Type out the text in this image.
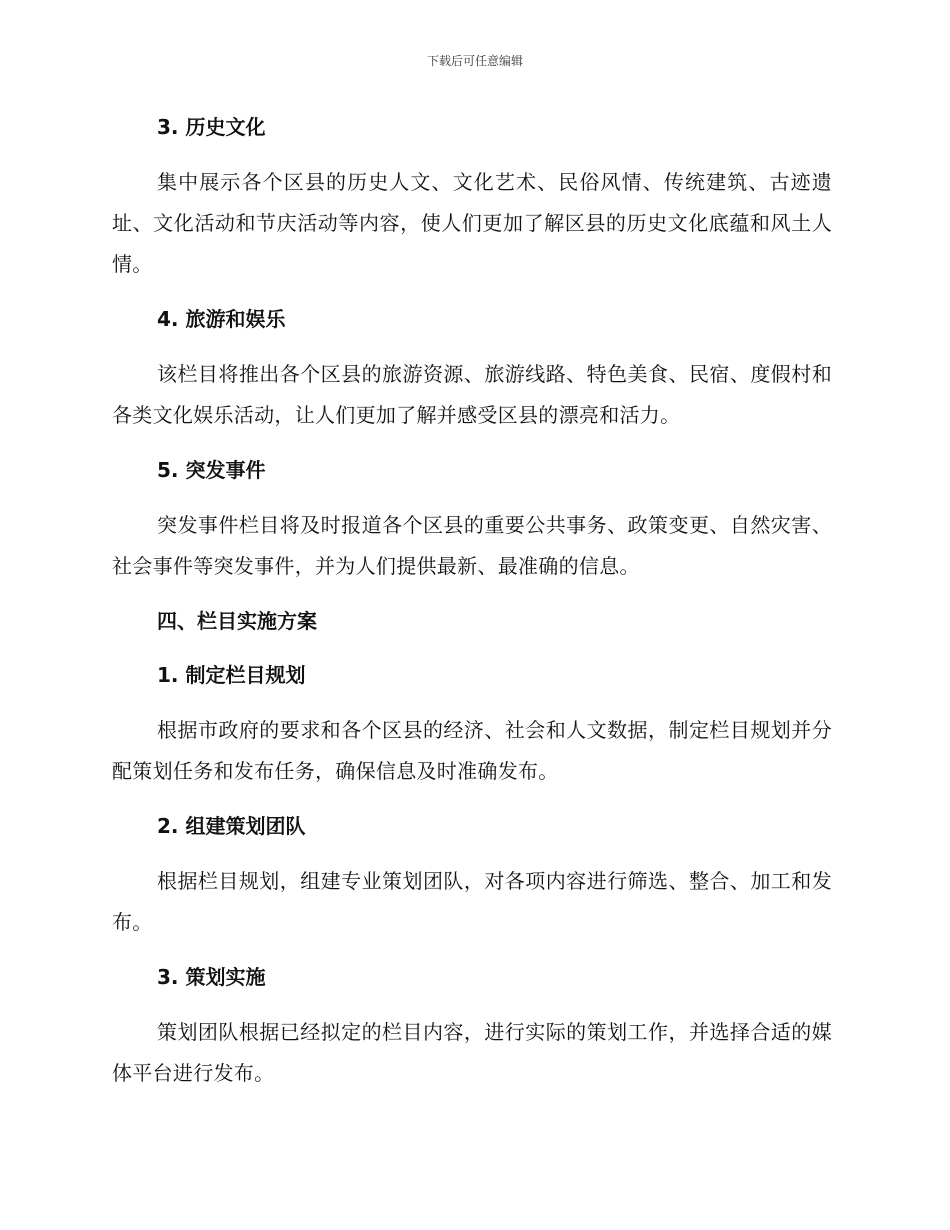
下载后可任意编辑
3. 历史文化
集中展示各个区县的历史人文、文化艺术、民俗风情、传统建筑、古迹遗址、文化活动和节庆活动等内容，使人们更加了解区县的历史文化底蕴和风土人情。
4. 旅游和娱乐
该栏目将推出各个区县的旅游资源、旅游线路、特色美食、民宿、度假村和各类文化娱乐活动，让人们更加了解并感受区县的漂亮和活力。
5. 突发事件
突发事件栏目将及时报道各个区县的重要公共事务、政策变更、自然灾害、社会事件等突发事件，并为人们提供最新、最准确的信息。
四、栏目实施方案
1. 制定栏目规划
根据市政府的要求和各个区县的经济、社会和人文数据，制定栏目规划并分配策划任务和发布任务，确保信息及时准确发布。
2. 组建策划团队
根据栏目规划，组建专业策划团队，对各项内容进行筛选、整合、加工和发布。
3. 策划实施
策划团队根据已经拟定的栏目内容，进行实际的策划工作，并选择合适的媒体平台进行发布。
